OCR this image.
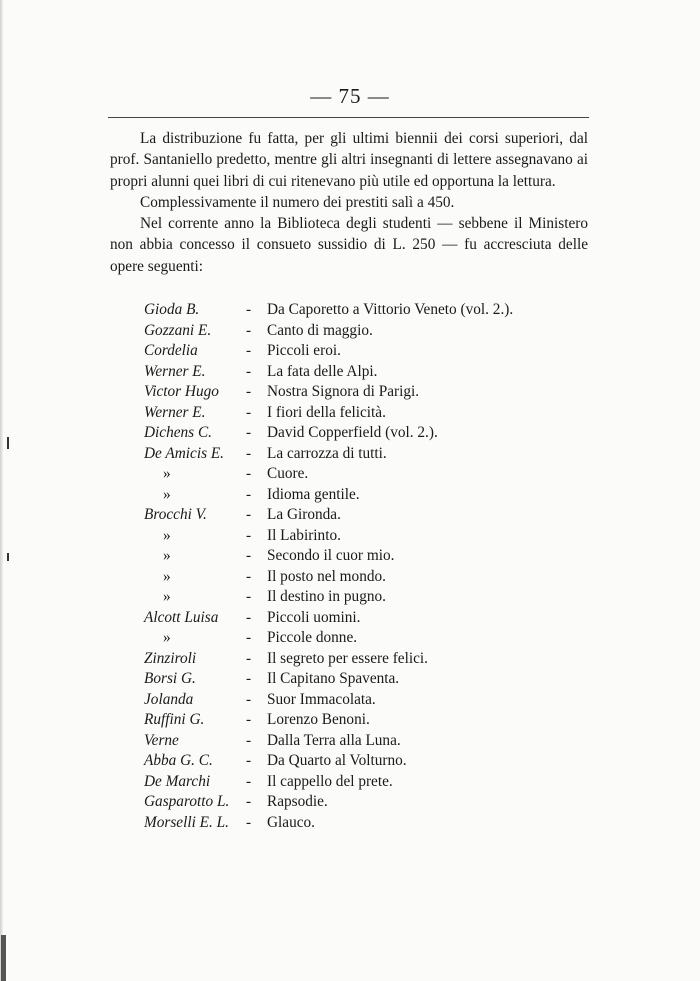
— 75 —

La distribuzione fu fatta, per gli ultimi biennii dei corsi superiori, dal prof. Santaniello predetto, mentre gli altri insegnanti di lettere assegnavano ai propri alunni quei libri di cui ritenevano più utile ed opportuna la lettura.

Complessivamente il numero dei prestiti salì a 450.

Nel corrente anno la Biblioteca degli studenti — sebbene il Ministero non abbia concesso il consueto sussidio di L. 250 — fu accresciuta delle opere seguenti:

Gioda B.	- Da Caporetto a Vittorio Veneto (vol. 2.).
Gozzani E. - Canto di maggio.
Cordelia	- Piccoli eroi.
Werner E.	- La fata delle Alpi.
Victor Hugo - Nostra Signora di Parigi.
Werner E.	- I fiori della felicità.
Dichens C. - David Copperfield (vol. 2.).
De Amicis E. - La carrozza di tutti.
»	- Cuore.
»	- Idioma gentile.
Brocchi V.	- La Gironda.
»	- Il Labirinto.
»	- Secondo il cuor mio.
»	- Il posto nel mondo.
»	- Il destino in pugno.
Alcott Luisa - Piccoli uomini.
»	- Piccole donne.
Zinziroli	- Il segreto per essere felici.
Borsi G.	- Il Capitano Spaventa.
Jolanda	- Suor Immacolata.
Ruffini G.	- Lorenzo Benoni.
Verne	- Dalla Terra alla Luna.
Abba G. C. - Da Quarto al Volturno.
De Marchi - Il cappello del prete.
Gasparotto L. - Rapsodie.
Morselli E. L. - Glauco.
